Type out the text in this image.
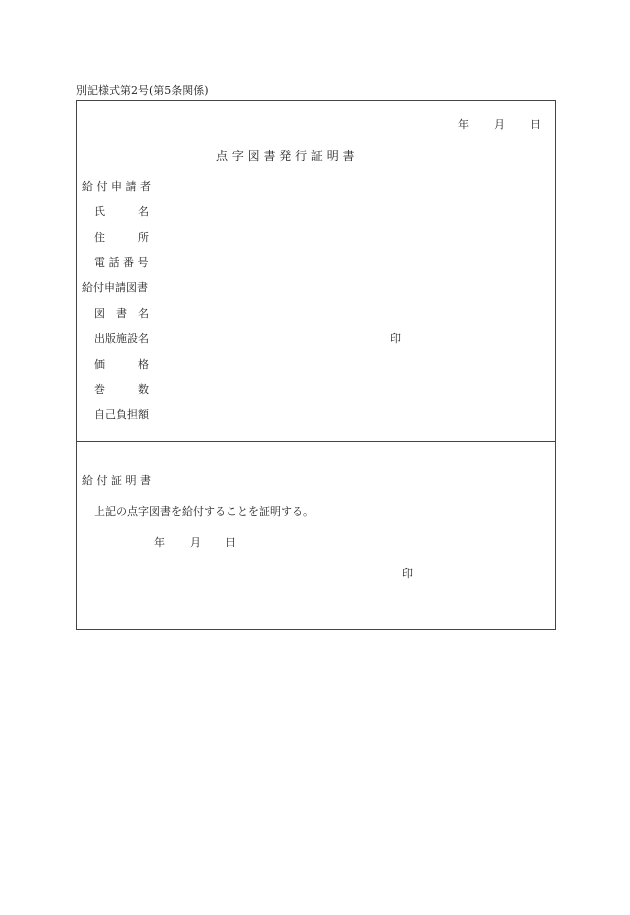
別記様式第2号(第5条関係)
年 月 日
点 字 図 書 発 行 証 明 書
給 付 申 請 者
氏　　　名
住　　　所
電 話 番 号
給付申請図書
図　書　名
出版施設名	印
価　　　格
巻　　　数
自己負担額
給 付 証 明 書
上記の点字図書を給付することを証明する。
年 月 日
印
